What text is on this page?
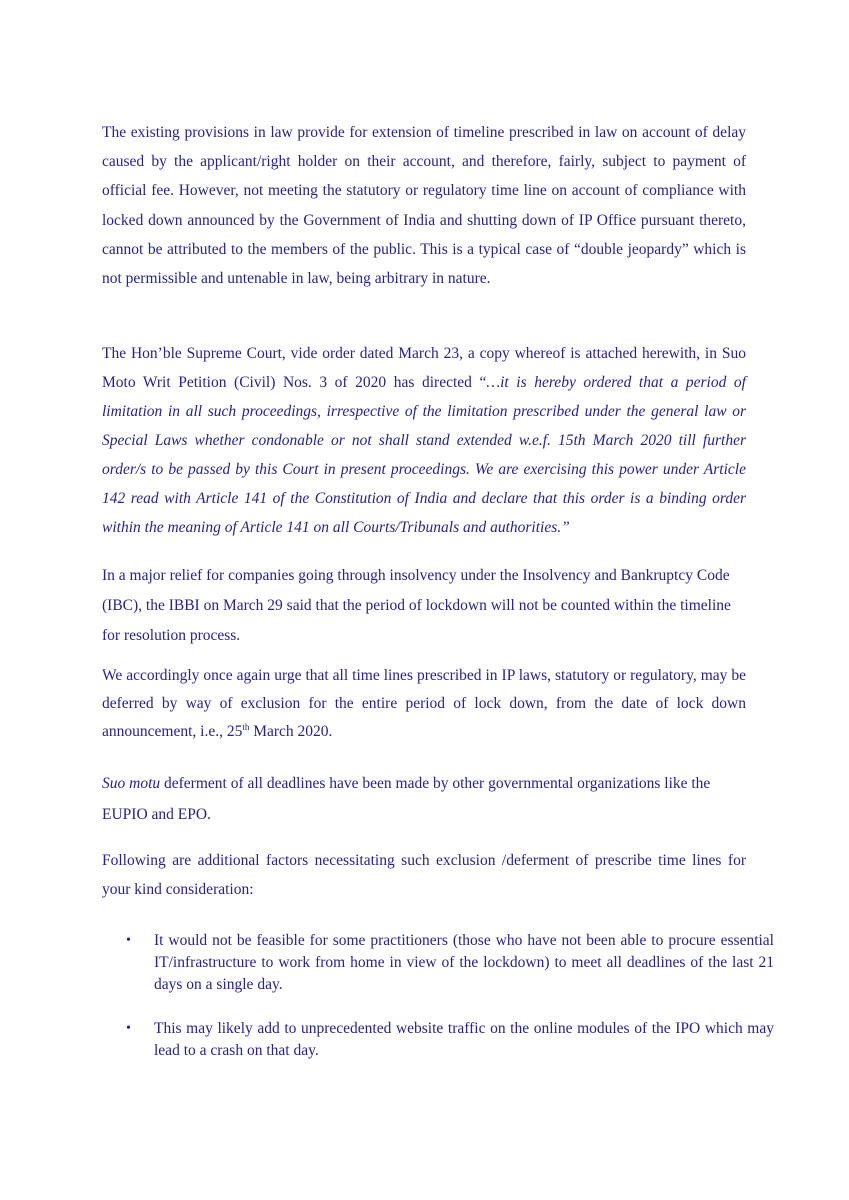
The existing provisions in law provide for extension of timeline prescribed in law on account of delay caused by the applicant/right holder on their account, and therefore, fairly, subject to payment of official fee. However, not meeting the statutory or regulatory time line on account of compliance with locked down announced by the Government of India and shutting down of IP Office pursuant thereto, cannot be attributed to the members of the public. This is a typical case of “double jeopardy” which is not permissible and untenable in law, being arbitrary in nature.

The Hon’ble Supreme Court, vide order dated March 23, a copy whereof is attached herewith, in Suo Moto Writ Petition (Civil) Nos. 3 of 2020 has directed “…it is hereby ordered that a period of limitation in all such proceedings, irrespective of the limitation prescribed under the general law or Special Laws whether condonable or not shall stand extended w.e.f. 15th March 2020 till further order/s to be passed by this Court in present proceedings. We are exercising this power under Article 142 read with Article 141 of the Constitution of India and declare that this order is a binding order within the meaning of Article 141 on all Courts/Tribunals and authorities.”

In a major relief for companies going through insolvency under the Insolvency and Bankruptcy Code (IBC), the IBBI on March 29 said that the period of lockdown will not be counted within the timeline for resolution process.

We accordingly once again urge that all time lines prescribed in IP laws, statutory or regulatory, may be deferred by way of exclusion for the entire period of lock down, from the date of lock down announcement, i.e., 25th March 2020.

Suo motu deferment of all deadlines have been made by other governmental organizations like the EUPIO and EPO.

Following are additional factors necessitating such exclusion /deferment of prescribe time lines for your kind consideration:

• It would not be feasible for some practitioners (those who have not been able to procure essential IT/infrastructure to work from home in view of the lockdown) to meet all deadlines of the last 21 days on a single day.
• This may likely add to unprecedented website traffic on the online modules of the IPO which may lead to a crash on that day.
